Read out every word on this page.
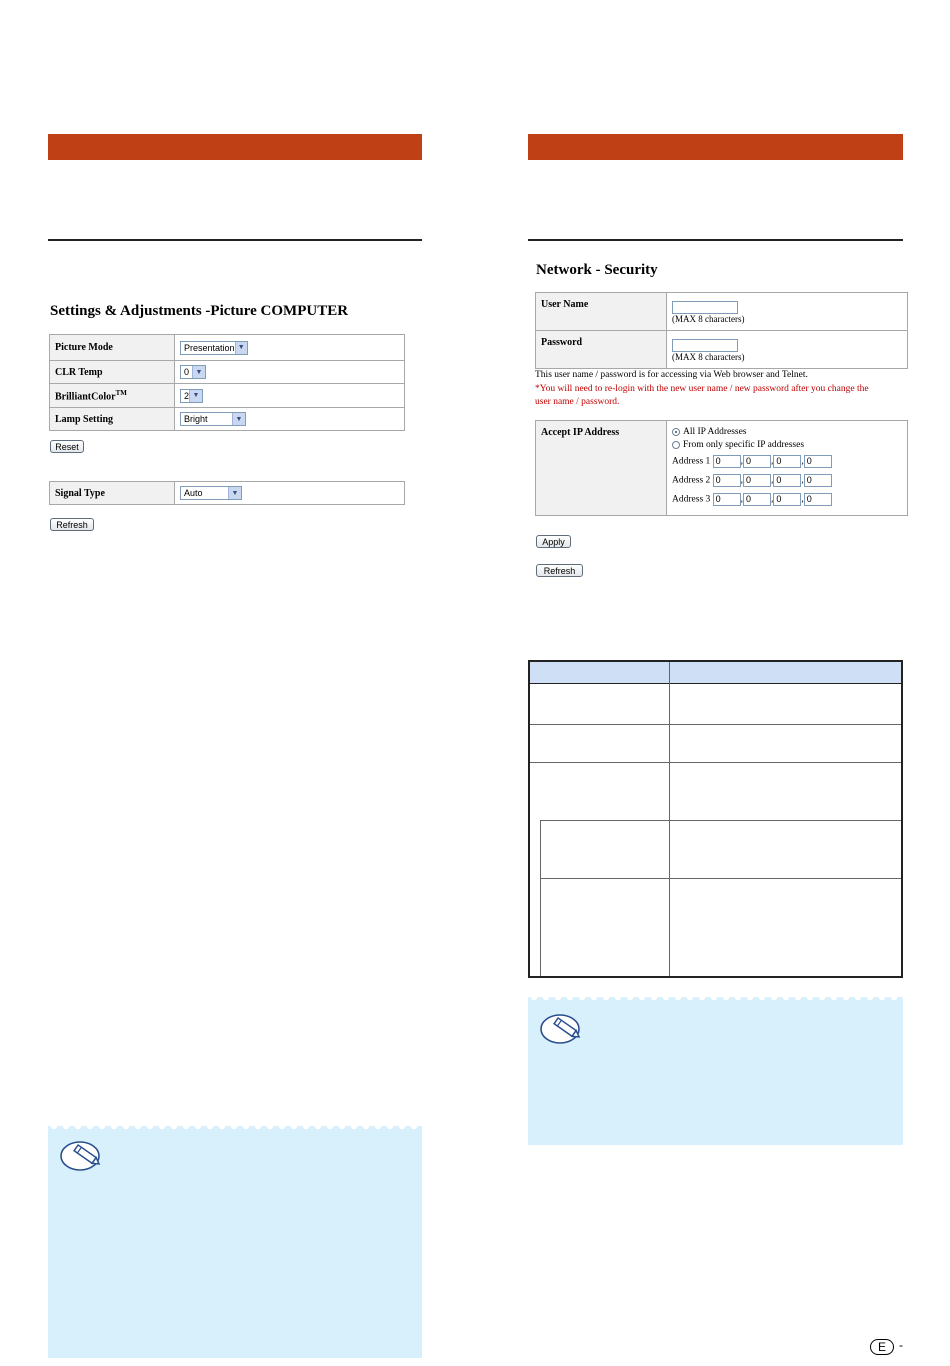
Settings & Adjustments -Picture COMPUTER
Picture Mode	Presentation ▼

CLR Temp	0 ▼

BrilliantColor™	2 ▼

Lamp Setting	Bright ▼
Reset
Signal Type	Auto	▼
Refresh
Network - Security
User Name	(MAX 8 characters)
Password	(MAX 8 characters)
This user name / password is for accessing via Web browser and Telnet.
*You will need to re-login with the new user name / new password after you change the
user name / password.
Accept IP Address	All IP Addresses
From only specific IP addresses
Address 1 0 , 0 , 0 , 0
Address 2 0 , 0 , 0 , 0
Address 3 0 , 0 , 0 , 0
Apply
Refresh
E -
